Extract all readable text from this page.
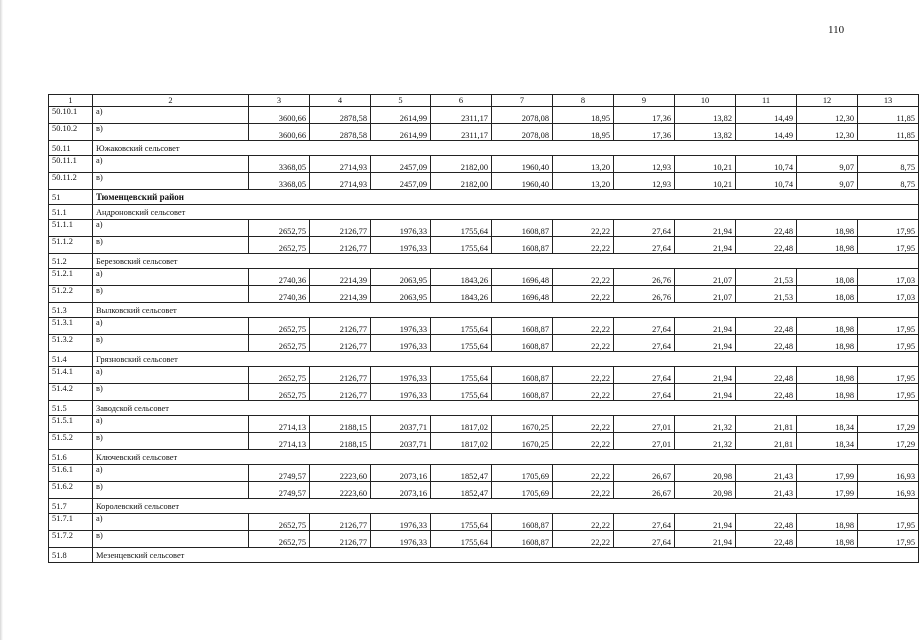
110
1	2	3	4	5	6	7	8	9	10	11	12	13
50.10.1	а)	3600,66	2878,58	2614,99	2311,17	2078,08	18,95	17,36	13,82	14,49	12,30	11,85
50.10.2	в)	3600,66	2878,58	2614,99	2311,17	2078,08	18,95	17,36	13,82	14,49	12,30	11,85
50.11	Южаковский сельсовет											
50.11.1	а)	3368,05	2714,93	2457,09	2182,00	1960,40	13,20	12,93	10,21	10,74	9,07	8,75
50.11.2	в)	3368,05	2714,93	2457,09	2182,00	1960,40	13,20	12,93	10,21	10,74	9,07	8,75
51	Тюменцевский район											
51.1	Андроновский сельсовет											
51.1.1	а)	2652,75	2126,77	1976,33	1755,64	1608,87	22,22	27,64	21,94	22,48	18,98	17,95
51.1.2	в)	2652,75	2126,77	1976,33	1755,64	1608,87	22,22	27,64	21,94	22,48	18,98	17,95
51.2	Березовский сельсовет											
51.2.1	а)	2740,36	2214,39	2063,95	1843,26	1696,48	22,22	26,76	21,07	21,53	18,08	17,03
51.2.2	в)	2740,36	2214,39	2063,95	1843,26	1696,48	22,22	26,76	21,07	21,53	18,08	17,03
51.3	Вылковский сельсовет											
51.3.1	а)	2652,75	2126,77	1976,33	1755,64	1608,87	22,22	27,64	21,94	22,48	18,98	17,95
51.3.2	в)	2652,75	2126,77	1976,33	1755,64	1608,87	22,22	27,64	21,94	22,48	18,98	17,95
51.4	Грязновский сельсовет											
51.4.1	а)	2652,75	2126,77	1976,33	1755,64	1608,87	22,22	27,64	21,94	22,48	18,98	17,95
51.4.2	в)	2652,75	2126,77	1976,33	1755,64	1608,87	22,22	27,64	21,94	22,48	18,98	17,95
51.5	Заводской сельсовет											
51.5.1	а)	2714,13	2188,15	2037,71	1817,02	1670,25	22,22	27,01	21,32	21,81	18,34	17,29
51.5.2	в)	2714,13	2188,15	2037,71	1817,02	1670,25	22,22	27,01	21,32	21,81	18,34	17,29
51.6	Ключевский сельсовет											
51.6.1	а)	2749,57	2223,60	2073,16	1852,47	1705,69	22,22	26,67	20,98	21,43	17,99	16,93
51.6.2	в)	2749,57	2223,60	2073,16	1852,47	1705,69	22,22	26,67	20,98	21,43	17,99	16,93
51.7	Королевский сельсовет											
51.7.1	а)	2652,75	2126,77	1976,33	1755,64	1608,87	22,22	27,64	21,94	22,48	18,98	17,95
51.7.2	в)	2652,75	2126,77	1976,33	1755,64	1608,87	22,22	27,64	21,94	22,48	18,98	17,95
51.8	Мезенцевский сельсовет											
